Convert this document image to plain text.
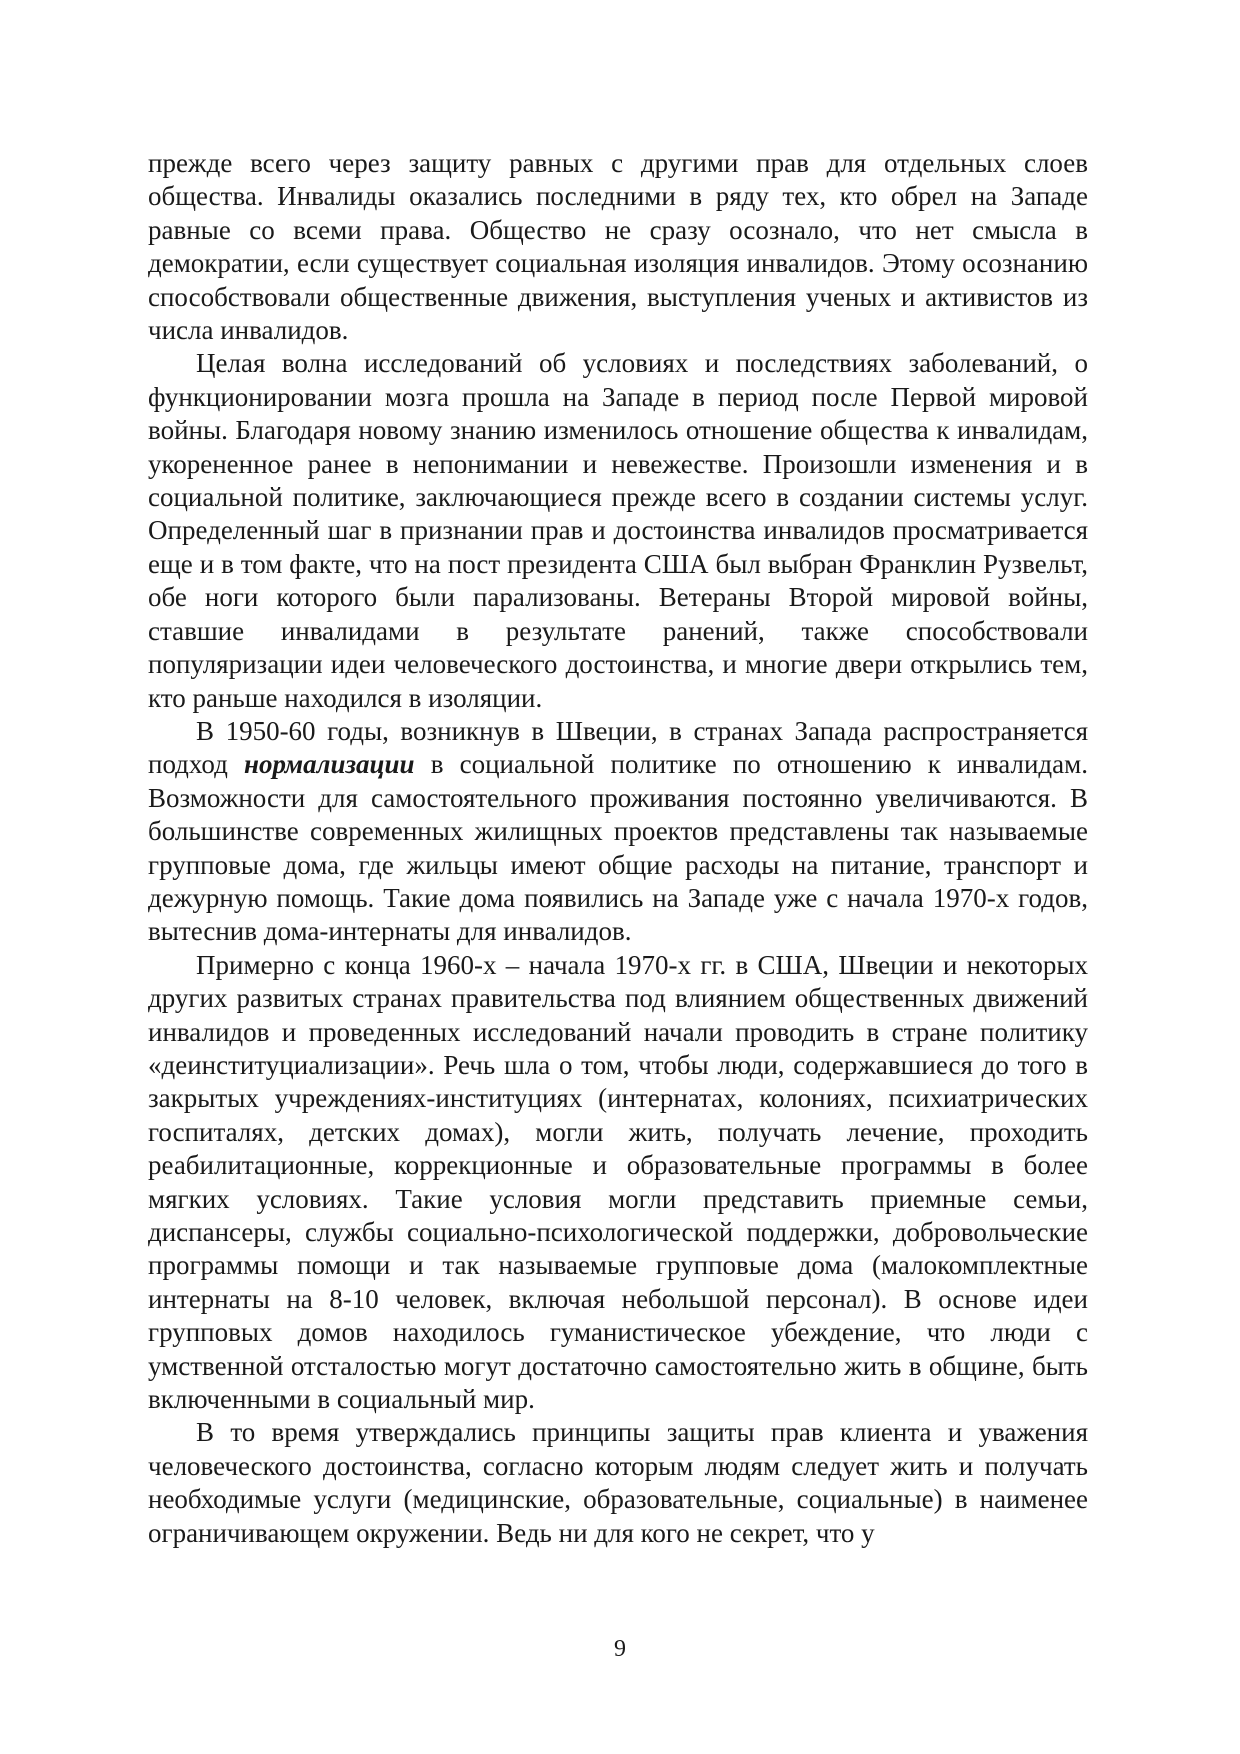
прежде всего через защиту равных с другими прав для отдельных слоев общества. Инвалиды оказались последними в ряду тех, кто обрел на Западе равные со всеми права. Общество не сразу осознало, что нет смысла в демократии, если существует социальная изоляция инвалидов. Этому осознанию способствовали общественные движения, выступления ученых и активистов из числа инвалидов.

Целая волна исследований об условиях и последствиях заболеваний, о функционировании мозга прошла на Западе в период после Первой мировой войны. Благодаря новому знанию изменилось отношение общества к инвалидам, укорененное ранее в непонимании и невежестве. Произошли изменения и в социальной политике, заключающиеся прежде всего в создании системы услуг. Определенный шаг в признании прав и достоинства инвалидов просматривается еще и в том факте, что на пост президента США был выбран Франклин Рузвельт, обе ноги которого были парализованы. Ветераны Второй мировой войны, ставшие инвалидами в результате ранений, также способствовали популяризации идеи человеческого достоинства, и многие двери открылись тем, кто раньше находился в изоляции.

В 1950-60 годы, возникнув в Швеции, в странах Запада распространяется подход нормализации в социальной политике по отношению к инвалидам. Возможности для самостоятельного проживания постоянно увеличиваются. В большинстве современных жилищных проектов представлены так называемые групповые дома, где жильцы имеют общие расходы на питание, транспорт и дежурную помощь. Такие дома появились на Западе уже с начала 1970-х годов, вытеснив дома-интернаты для инвалидов.

Примерно с конца 1960-х – начала 1970-х гг. в США, Швеции и некоторых других развитых странах правительства под влиянием общественных движений инвалидов и проведенных исследований начали проводить в стране политику «деинституциализации». Речь шла о том, чтобы люди, содержавшиеся до того в закрытых учреждениях-институциях (интернатах, колониях, психиатрических госпиталях, детских домах), могли жить, получать лечение, проходить реабилитационные, коррекционные и образовательные программы в более мягких условиях. Такие условия могли представить приемные семьи, диспансеры, службы социально-психологической поддержки, добровольческие программы помощи и так называемые групповые дома (малокомплектные интернаты на 8-10 человек, включая небольшой персонал). В основе идеи групповых домов находилось гуманистическое убеждение, что люди с умственной отсталостью могут достаточно самостоятельно жить в общине, быть включенными в социальный мир.

В то время утверждались принципы защиты прав клиента и уважения человеческого достоинства, согласно которым людям следует жить и получать необходимые услуги (медицинские, образовательные, социальные) в наименее ограничивающем окружении. Ведь ни для кого не секрет, что у

9
